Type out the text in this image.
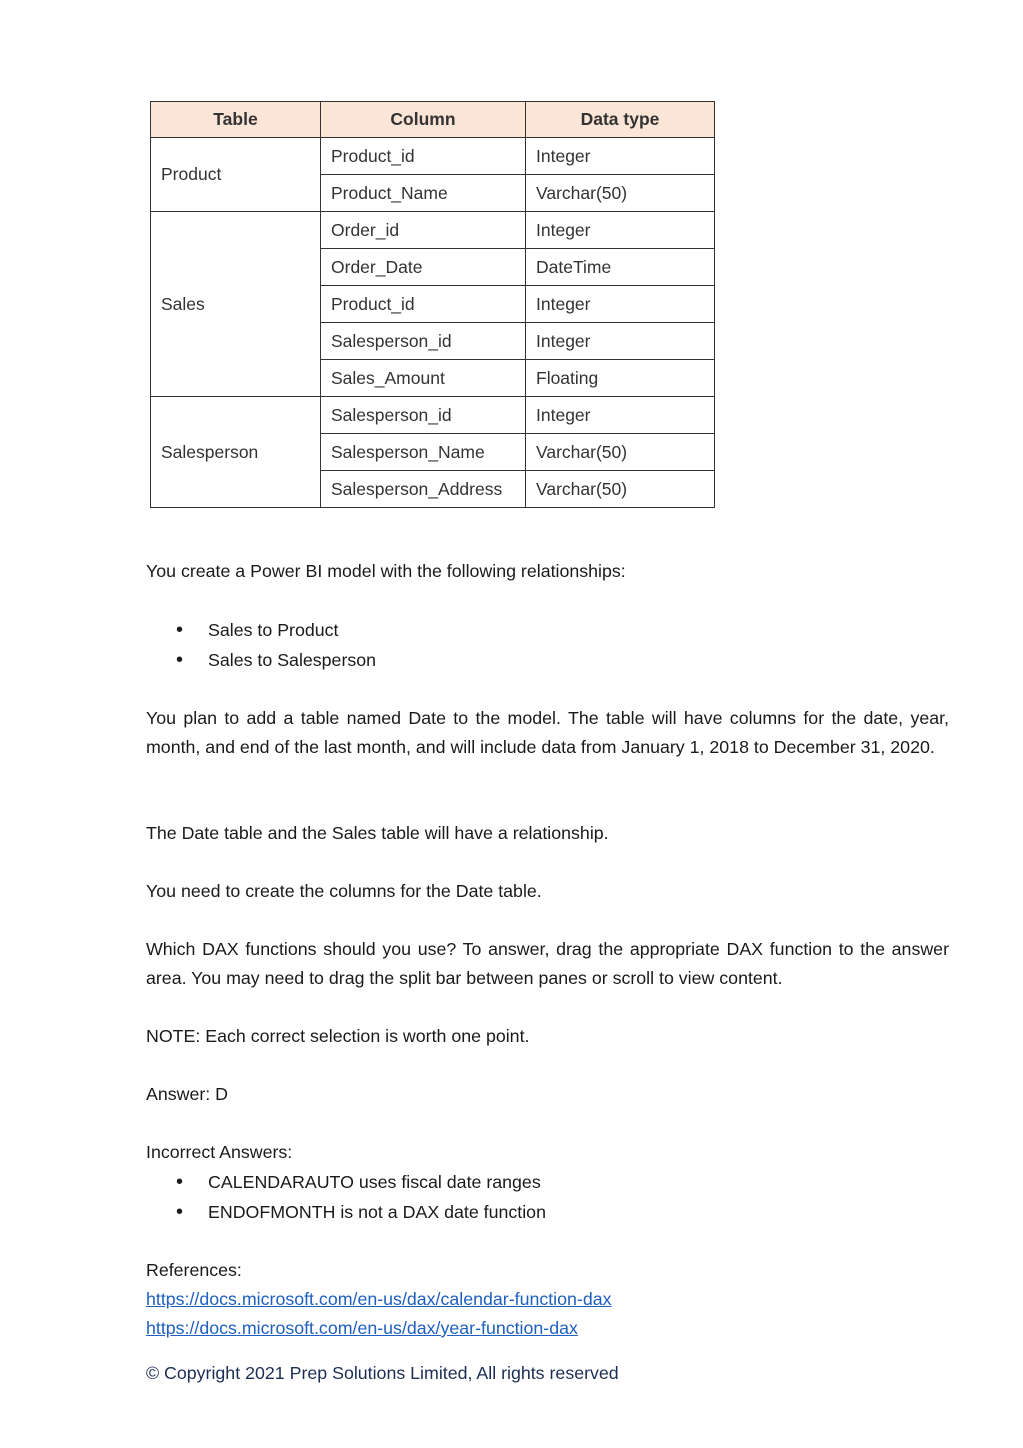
Table	Column	Data type
Product	Product_id	Integer
	Product_Name	Varchar(50)
Sales	Order_id	Integer
	Order_Date	DateTime
	Product_id	Integer
	Salesperson_id	Integer
	Sales_Amount	Floating
Salesperson	Salesperson_id	Integer
	Salesperson_Name	Varchar(50)
	Salesperson_Address	Varchar(50)

You create a Power BI model with the following relationships:

• Sales to Product
• Sales to Salesperson

You plan to add a table named Date to the model. The table will have columns for the date, year, month, and end of the last month, and will include data from January 1, 2018 to December 31, 2020.

The Date table and the Sales table will have a relationship.

You need to create the columns for the Date table.

Which DAX functions should you use? To answer, drag the appropriate DAX function to the answer area. You may need to drag the split bar between panes or scroll to view content.

NOTE: Each correct selection is worth one point.

Answer: D

Incorrect Answers:

• CALENDARAUTO uses fiscal date ranges
• ENDOFMONTH is not a DAX date function

References:

https://docs.microsoft.com/en-us/dax/calendar-function-dax

https://docs.microsoft.com/en-us/dax/year-function-dax

© Copyright 2021 Prep Solutions Limited, All rights reserved
